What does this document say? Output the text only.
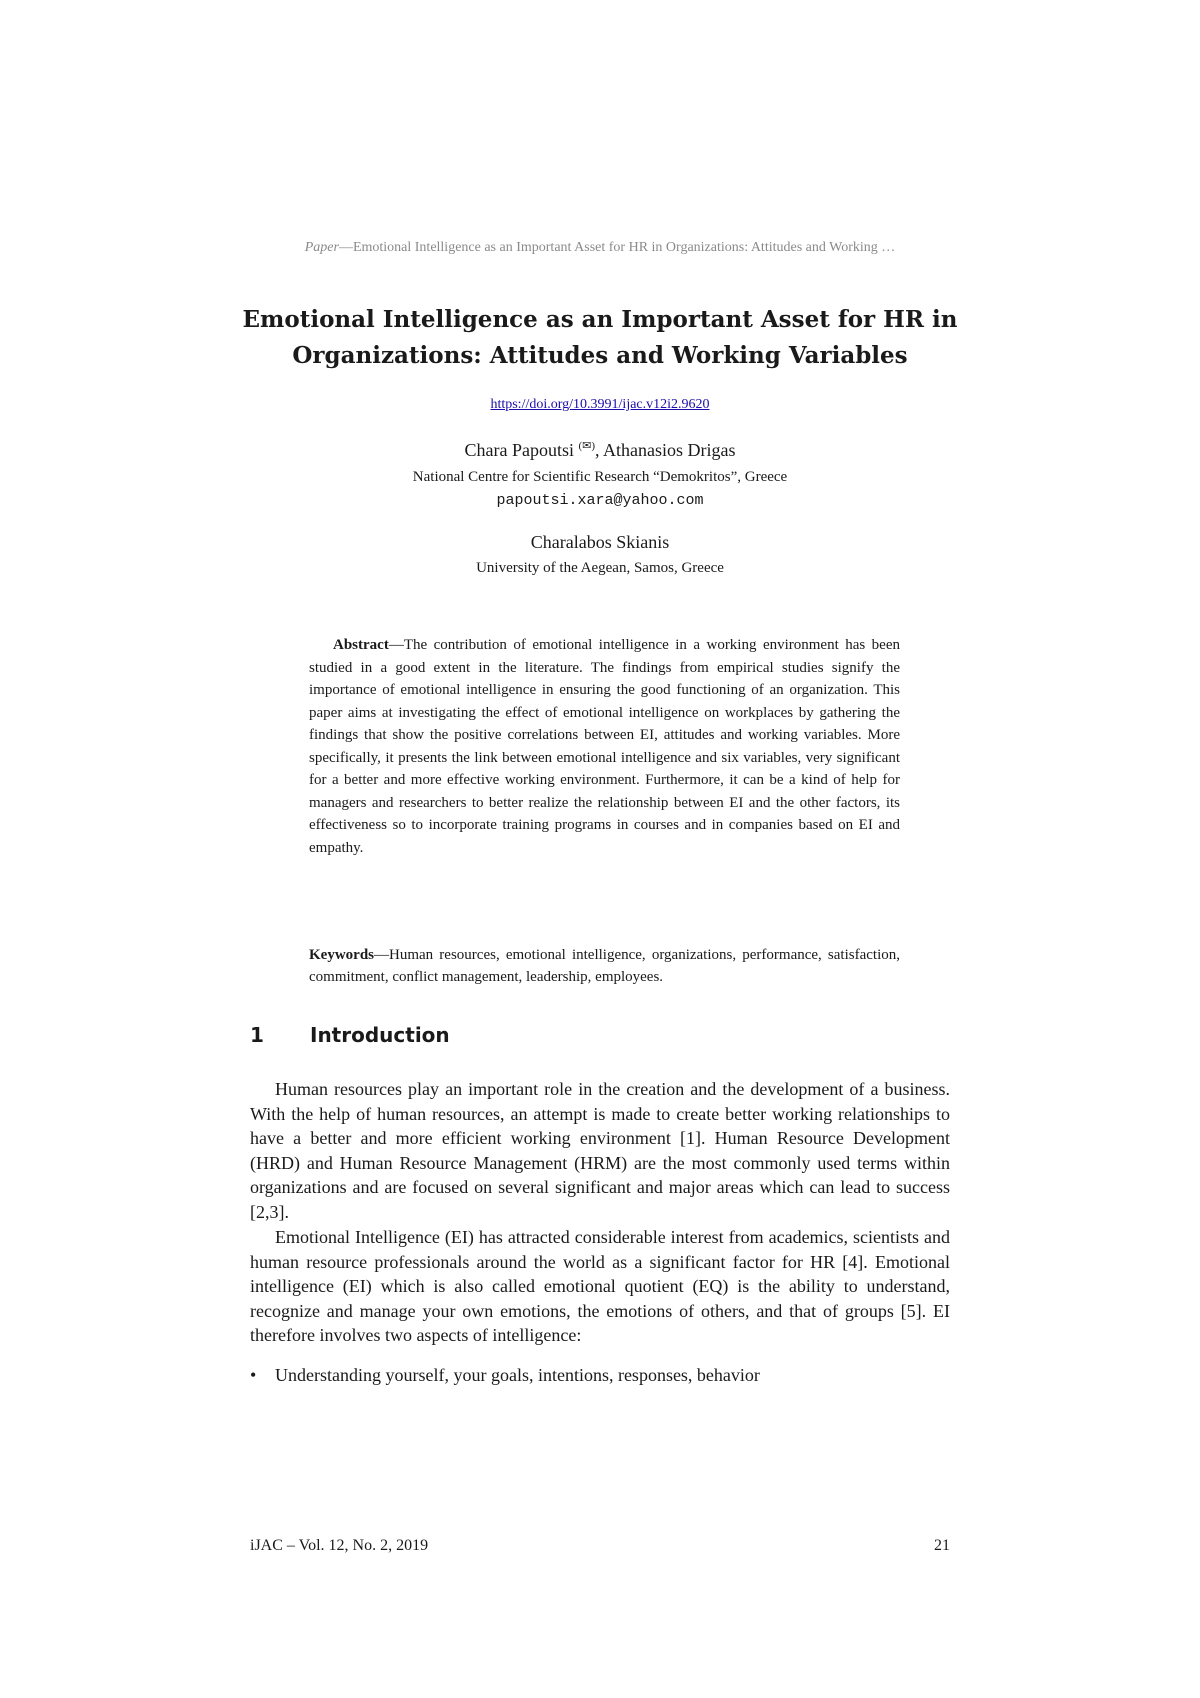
Paper—Emotional Intelligence as an Important Asset for HR in Organizations: Attitudes and Working …
Emotional Intelligence as an Important Asset for HR in Organizations: Attitudes and Working Variables
https://doi.org/10.3991/ijac.v12i2.9620
Chara Papoutsi (✉), Athanasios Drigas
National Centre for Scientific Research “Demokritos”, Greece
papoutsi.xara@yahoo.com
Charalabos Skianis
University of the Aegean, Samos, Greece

Abstract—The contribution of emotional intelligence in a working environment has been studied in a good extent in the literature. The findings from empirical studies signify the importance of emotional intelligence in ensuring the good functioning of an organization. This paper aims at investigating the effect of emotional intelligence on workplaces by gathering the findings that show the positive correlations between EI, attitudes and working variables. More specifically, it presents the link between emotional intelligence and six variables, very significant for a better and more effective working environment. Furthermore, it can be a kind of help for managers and researchers to better realize the relationship between EI and the other factors, its effectiveness so to incorporate training programs in courses and in companies based on EI and empathy.

Keywords—Human resources, emotional intelligence, organizations, performance, satisfaction, commitment, conflict management, leadership, employees.

1 Introduction

Human resources play an important role in the creation and the development of a business. With the help of human resources, an attempt is made to create better working relationships to have a better and more efficient working environment [1]. Human Resource Development (HRD) and Human Resource Management (HRM) are the most commonly used terms within organizations and are focused on several significant and major areas which can lead to success [2,3].

Emotional Intelligence (EI) has attracted considerable interest from academics, scientists and human resource professionals around the world as a significant factor for HR [4]. Emotional intelligence (EI) which is also called emotional quotient (EQ) is the ability to understand, recognize and manage your own emotions, the emotions of others, and that of groups [5]. EI therefore involves two aspects of intelligence:

• Understanding yourself, your goals, intentions, responses, behavior
iJAC – Vol. 12, No. 2, 2019	21
